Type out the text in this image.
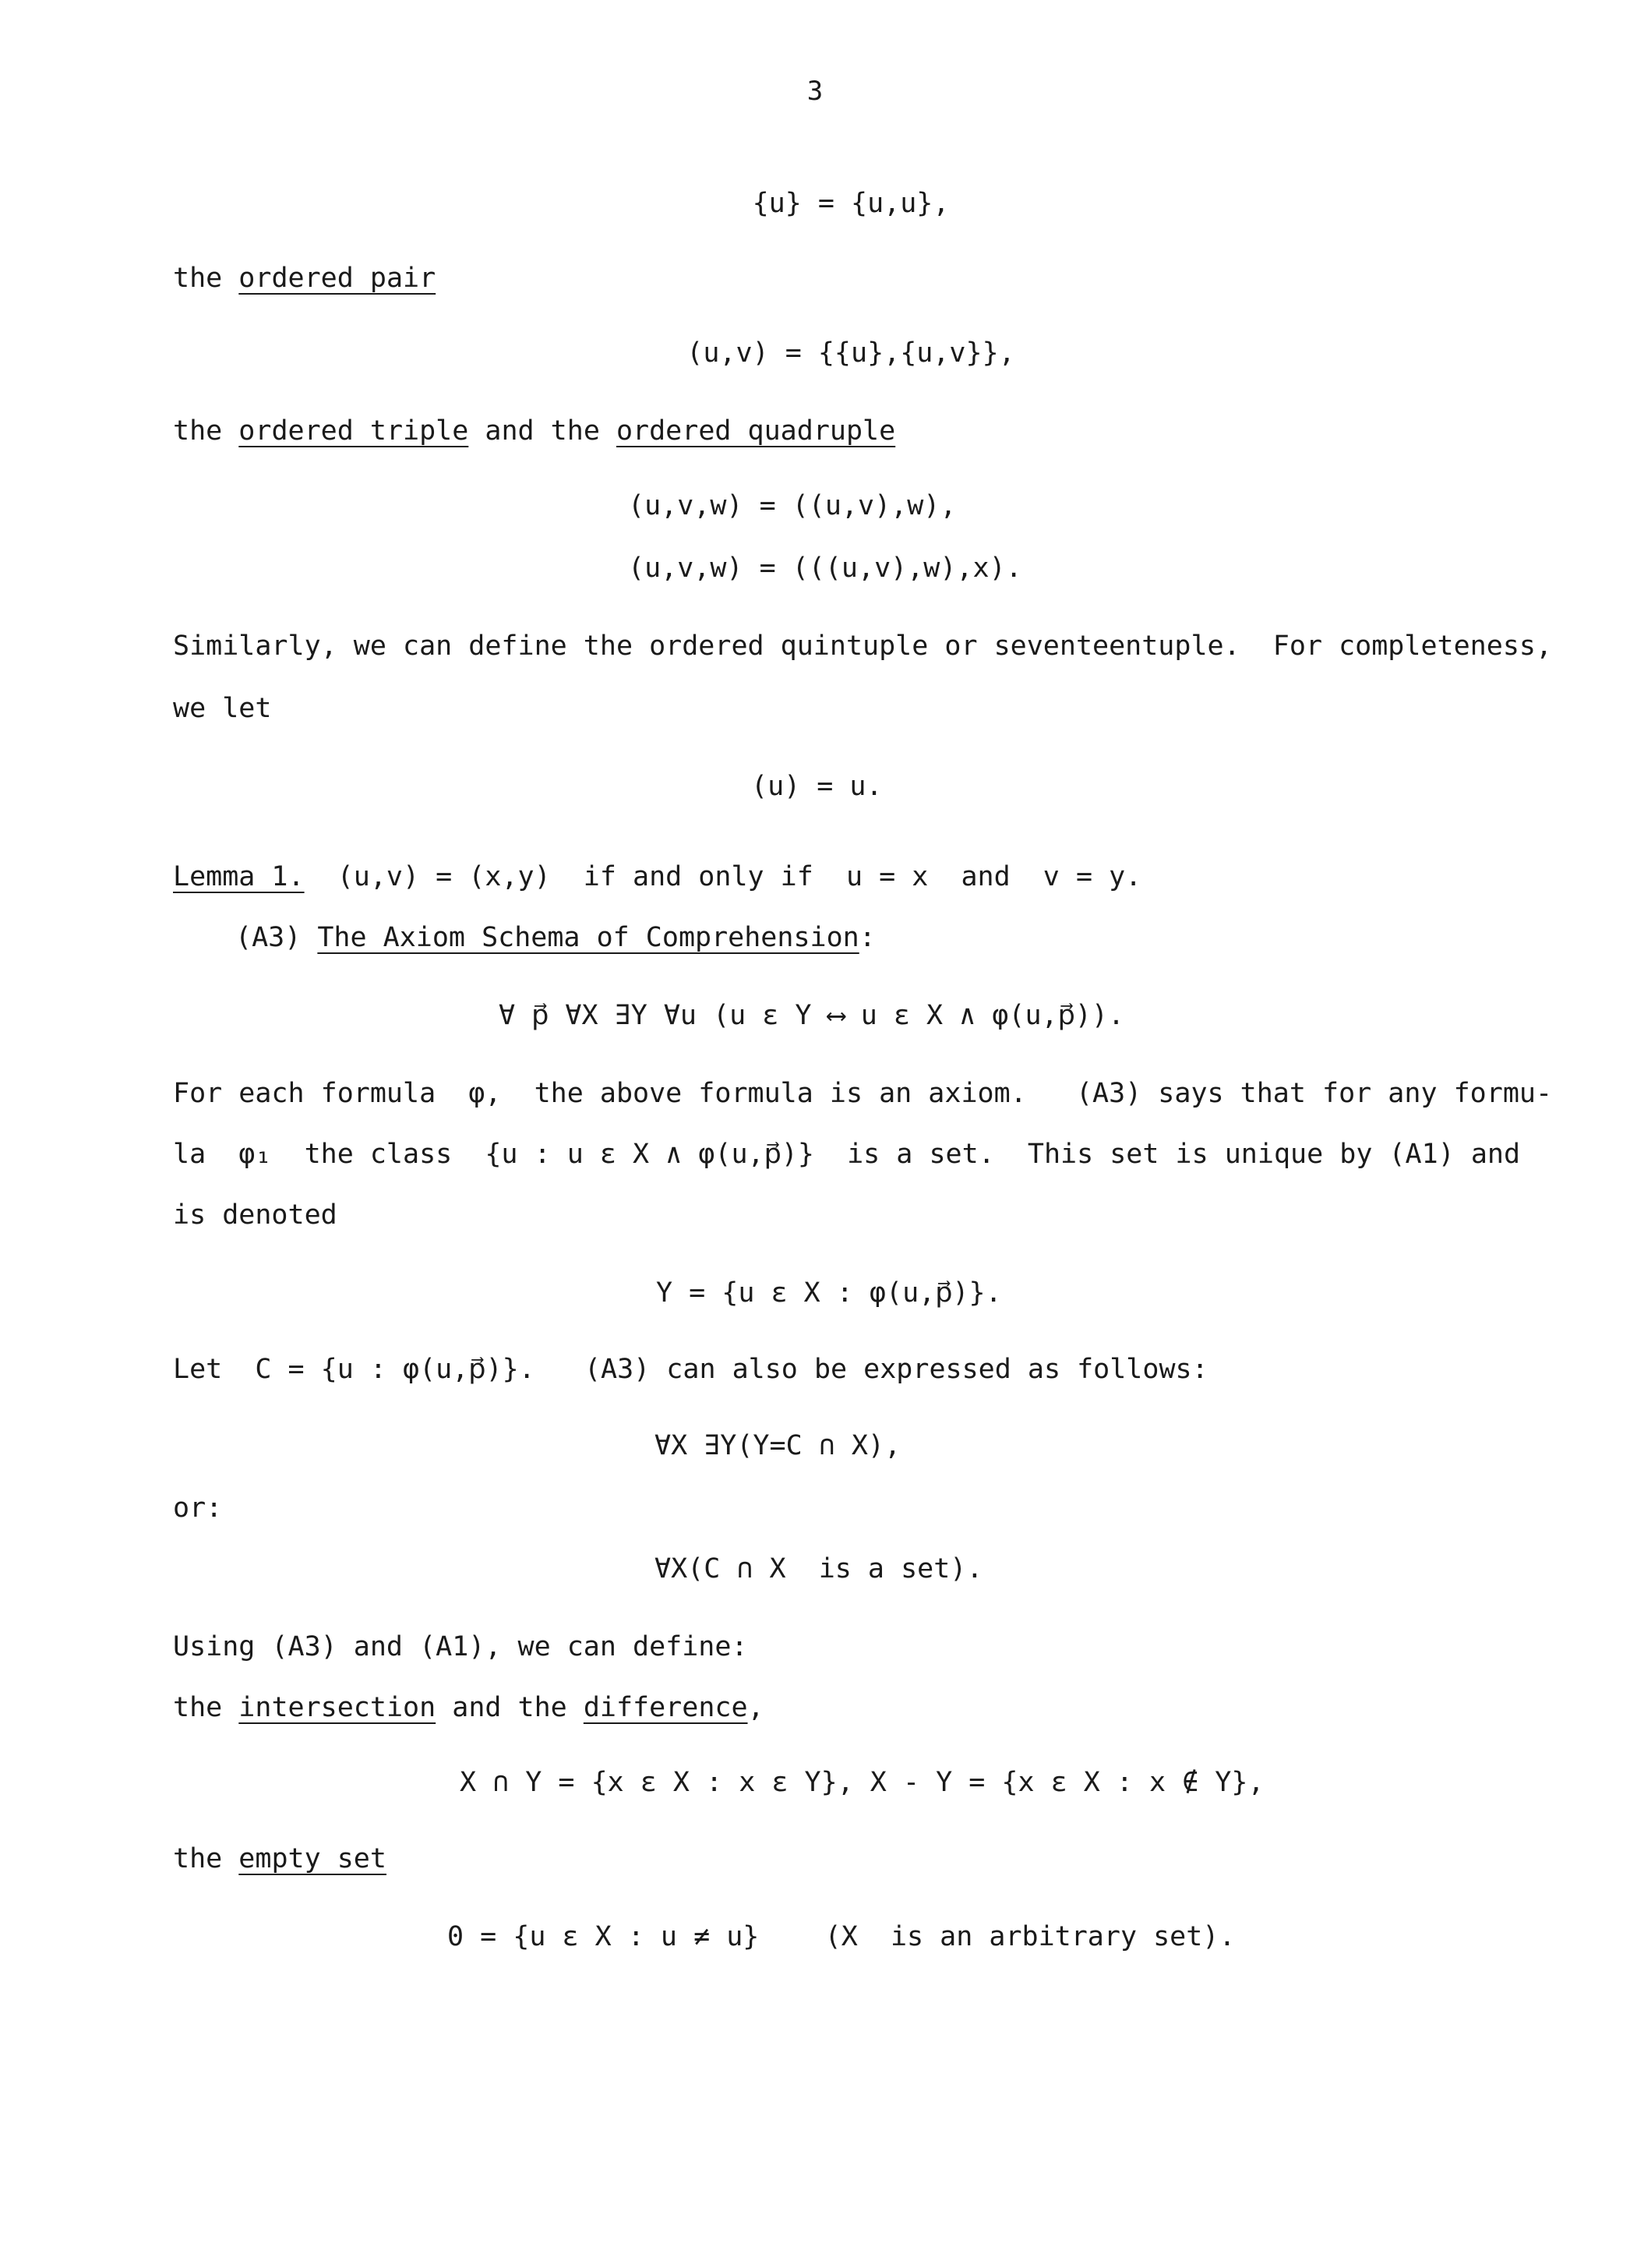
3
{u} = {u,u},
the ordered pair
(u,v) = {{u},{u,v}},
the ordered triple and the ordered quadruple
(u,v,w) = ((u,v),w),
(u,v,w) = (((u,v),w),x).
Similarly, we can define the ordered quintuple or seventeentuple.  For completeness,
we let
(u) = u.
Lemma 1.  (u,v) = (x,y)  if and only if  u = x  and  v = y.
(A3) The Axiom Schema of Comprehension:
∀ p⃗ ∀X ∃Y ∀u (u ε Y ⟷ u ε X ∧ φ(u,p⃗)).
For each formula  φ,  the above formula is an axiom.   (A3) says that for any formu-
la  φ₁  the class  {u : u ε X ∧ φ(u,p⃗)}  is a set.  This set is unique by (A1) and
is denoted
Y = {u ε X : φ(u,p⃗)}.
Let  C = {u : φ(u,p⃗)}.   (A3) can also be expressed as follows:
∀X ∃Y(Y=C ∩ X),
or:
∀X(C ∩ X  is a set).
Using (A3) and (A1), we can define:
the intersection and the difference,
X ∩ Y = {x ε X : x ε Y}, X - Y = {x ε X : x ∉ Y},
the empty set
0 = {u ε X : u ≠ u}    (X  is an arbitrary set).
